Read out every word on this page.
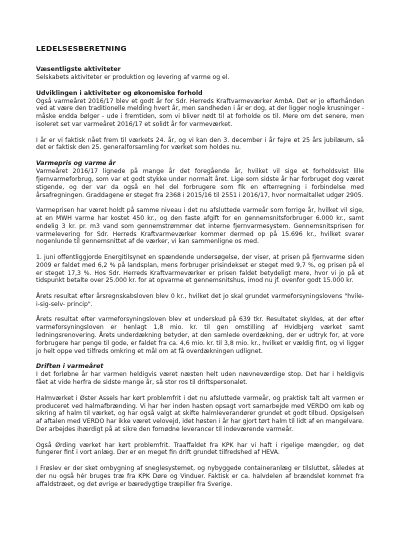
LEDELSESBERETNING
Væsentligste aktiviteter

Selskabets aktiviteter er produktion og levering af varme og el.

Udviklingen i aktiviteter og økonomiske forhold

Også varmeåret 2016/17 blev et godt år for Sdr. Herreds Kraftvarmeværker AmbA. Det er jo efterhånden ved at være den traditionelle melding hvert år, men sandheden i år er dog, at der ligger nogle krusninger - måske endda bølger - ude i fremtiden, som vi bliver nødt til at forholde os til. Mere om det senere, men isoleret set var varmeåret 2016/17 et solidt år for varmeværket.

I år er vi faktisk nået frem til værkets 24. år, og vi kan den 3. december i år fejre et 25 års jubilæum, så det er faktisk den 25. generalforsamling for værket som holdes nu.

Varmepris og varme år

Varmeåret 2016/17 lignede på mange år det foregående år, hvilket vil sige et forholdsvist lille fjernvarmeforbrug, som var et godt stykke under normalt året. Lige som sidste år har forbruget dog været stigende, og der var da også en hel del forbrugere som fik en efterregning i forbindelse med årsafregningen. Graddagene er steget fra 2368 i 2015/16 til 2551 i 2016/17, hvor normaltallet udgør 2905.

Varmeprisen har været holdt på samme niveau i det nu afsluttede varmeår som forrige år, hvilket vil sige, at en MWH varme har kostet 450 kr., og den faste afgift for en gennemsnitsforbruger 6.000 kr., samt endelig 3 kr. pr. m3 vand som gennemstrømmer det interne fjernvarmesystem. Gennemsnitsprisen for varmelevering for Sdr. Herreds Kraftvarmeværker kommer dermed op på 15.696 kr., hvilket svarer nogenlunde til gennemsnittet af de værker, vi kan sammenligne os med.

1. juni offentliggjorde Energitilsynet en spændende undersøgelse, der viser, at prisen på fjernvarme siden 2009 er faldet med 6,2 % på landsplan, mens forbruger prisindekset er steget med 9,7 %, og prisen på el er steget 17,3 %. Hos Sdr. Herreds Kraftvarmeværker er prisen faldet betydeligt mere, hvor vi jo på et tidspunkt betalte over 25.000 kr. for at opvarme et gennemsnitshus, imod nu jf. ovenfor godt 15.000 kr.

Årets resultat efter årsregnskabsloven blev 0 kr., hvilket det jo skal grundet varmeforsyningslovens "hvile-i-sig-selv- princip".

Årets resultat efter varmeforsyningsloven blev et underskud på 639 tkr. Resultatet skyldes, at der efter varmeforsyningsloven er henlagt 1,8 mio. kr. til gen omstilling af Hvidbjerg værket samt ledningsrenovering. Årets underdækning betyder, at den samlede overdækning, der er udtryk for, at vore forbrugere har penge til gode, er faldet fra ca. 4,6 mio. kr. til 3,8 mio. kr., hvilket er vældig fint, og vi ligger jo helt oppe ved tilfreds omkring et mål om at få overdækningen udlignet.

Driften i varmeåret

I det forløbne år har varmen heldigvis været næsten helt uden nævneværdige stop. Det har i heldigvis fået at vide herfra de sidste mange år, så stor ros til driftspersonalet.

Halmværket i Øster Assels har kørt problemfrit i det nu afsluttede varmeår, og praktisk talt alt varmen er produceret ved halmafbrænding. Vi har her inden hasten opsagt vort samarbejde med VERDO om køb og sikring af halm til værket, og har også valgt at skifte halmleverandører grundet et godt tilbud. Opsigelsen af aftalen med VERDO har ikke været velovejd, idet høsten i år har gjort tørt halm til lidt af en mangelvare. Der arbejdes ihærdigt på at sikre den fornødne leverancer til indeværende varmeår.

Også Ørding værket har kørt problemfrit. Traaffaldet fra KPK har vi haft i rigelige mængder, og det fungerer fint i vort anlæg. Der er en meget fin drift grundet tilfredshed af HEVA.

I Frøslev er der sket ombygning af sneglesystemet, og nybyggede containeranlæg er tilsluttet, således at der nu også hér bruges træ fra KPK Døre og Vinduer. Faktisk er ca. halvdelen af brændslet kommet fra affaldstræet, og det øvrige er bæredygtige træpiller fra Sverige.
